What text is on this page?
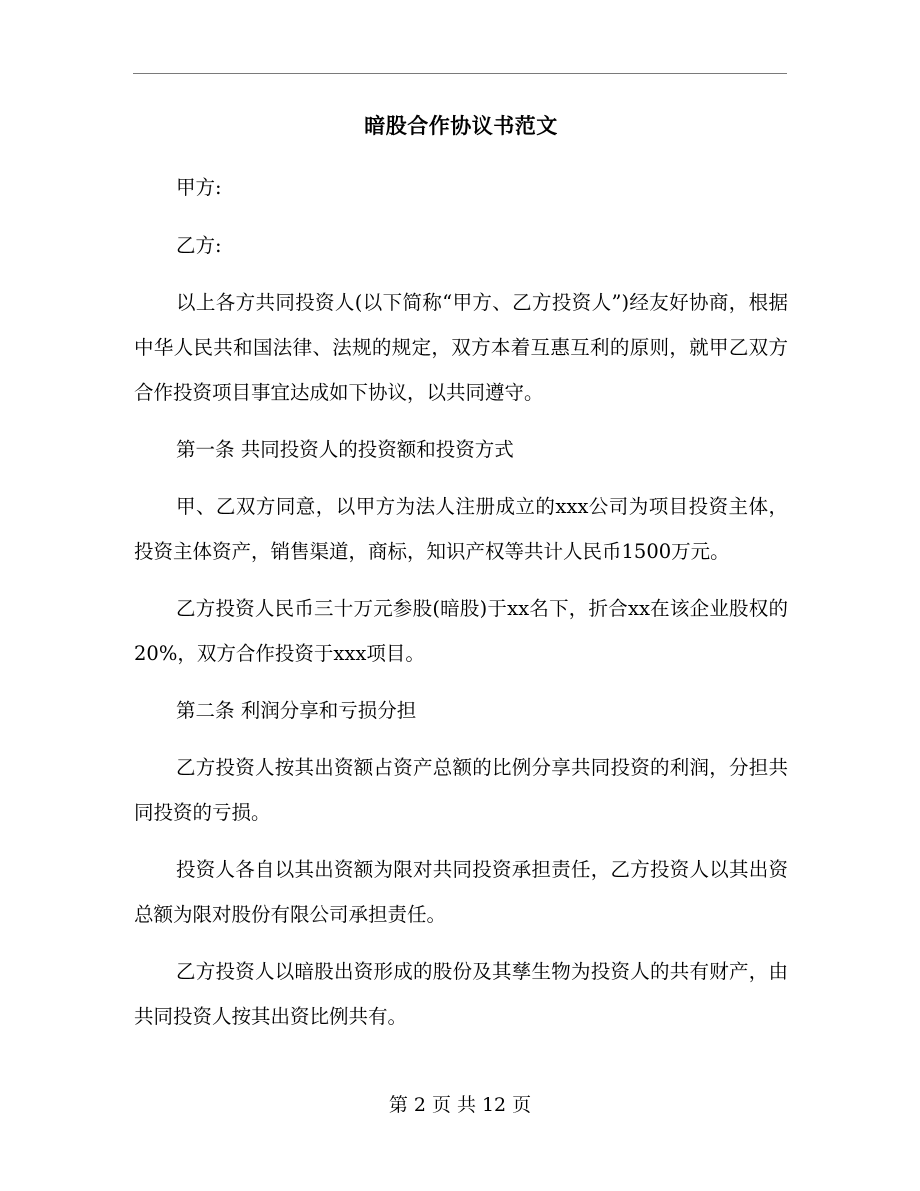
暗股合作协议书范文

甲方:

乙方:

以上各方共同投资人(以下简称“甲方、乙方投资人”)经友好协商，根据中华人民共和国法律、法规的规定，双方本着互惠互利的原则，就甲乙双方合作投资项目事宜达成如下协议，以共同遵守。

第一条 共同投资人的投资额和投资方式

甲、乙双方同意，以甲方为法人注册成立的xxx公司为项目投资主体，投资主体资产，销售渠道，商标，知识产权等共计人民币1500万元。

乙方投资人民币三十万元参股(暗股)于xx名下，折合xx在该企业股权的20%，双方合作投资于xxx项目。

第二条 利润分享和亏损分担

乙方投资人按其出资额占资产总额的比例分享共同投资的利润，分担共同投资的亏损。

投资人各自以其出资额为限对共同投资承担责任，乙方投资人以其出资总额为限对股份有限公司承担责任。

乙方投资人以暗股出资形成的股份及其孳生物为投资人的共有财产，由共同投资人按其出资比例共有。

第 2 页 共 12 页
